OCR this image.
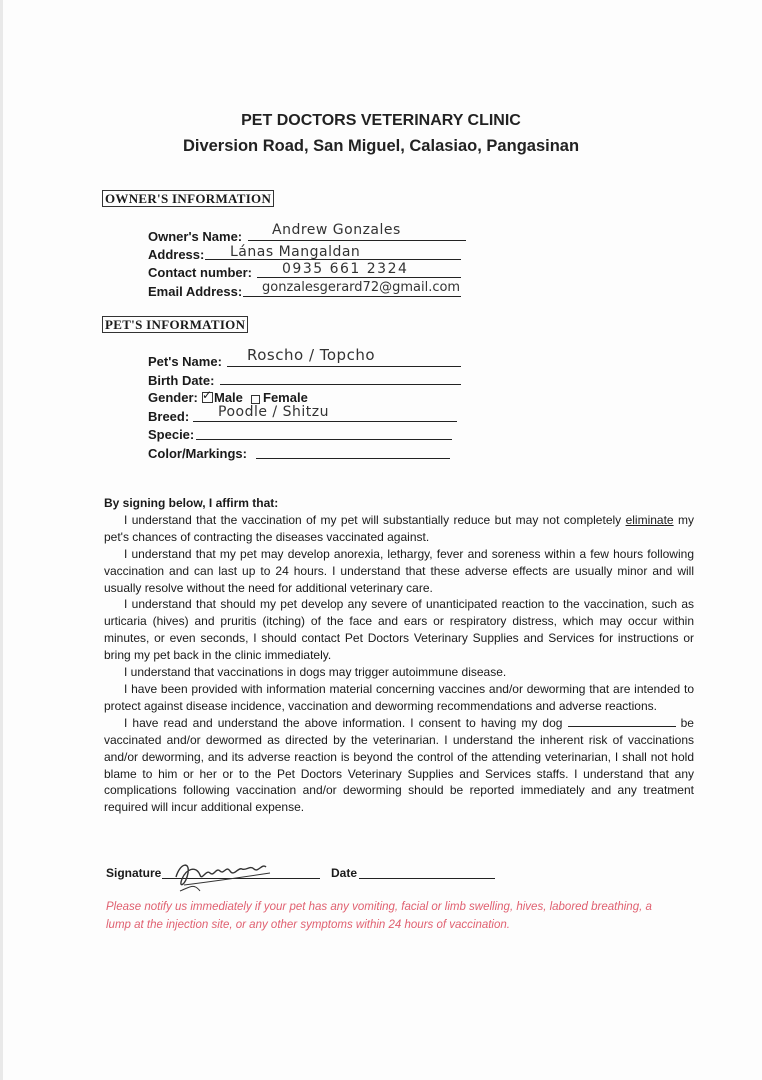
PET DOCTORS VETERINARY CLINIC
Diversion Road, San Miguel, Calasiao, Pangasinan
OWNER'S INFORMATION
Owner's Name: Andrew Gonzales
Address: Lánas Mangaldan
Contact number: 0935 661 2324
Email Address: gonzalesgerard72@gmail.com
PET'S INFORMATION
Pet's Name: Roscho / Topcho
Birth Date:
Gender: ✓ Male Female
Breed: Poodle / Shitzu
Specie:
Color/Markings:

By signing below, I affirm that:

I understand that the vaccination of my pet will substantially reduce but may not completely eliminate my pet's chances of contracting the diseases vaccinated against.

I understand that my pet may develop anorexia, lethargy, fever and soreness within a few hours following vaccination and can last up to 24 hours. I understand that these adverse effects are usually minor and will usually resolve without the need for additional veterinary care.

I understand that should my pet develop any severe of unanticipated reaction to the vaccination, such as urticaria (hives) and pruritis (itching) of the face and ears or respiratory distress, which may occur within minutes, or even seconds, I should contact Pet Doctors Veterinary Supplies and Services for instructions or bring my pet back in the clinic immediately.

I understand that vaccinations in dogs may trigger autoimmune disease.

I have been provided with information material concerning vaccines and/or deworming that are intended to protect against disease incidence, vaccination and deworming recommendations and adverse reactions.

I have read and understand the above information. I consent to having my dog	be vaccinated and/or dewormed as directed by the veterinarian. I understand the inherent risk of vaccinations and/or deworming, and its adverse reaction is beyond the control of the attending veterinarian, I shall not hold blame to him or her or to the Pet Doctors Veterinary Supplies and Services staffs. I understand that any complications following vaccination and/or deworming should be reported immediately and any treatment required will incur additional expense.

Signature	Date
Please notify us immediately if your pet has any vomiting, facial or limb swelling, hives, labored breathing, a lump at the injection site, or any other symptoms within 24 hours of vaccination.
